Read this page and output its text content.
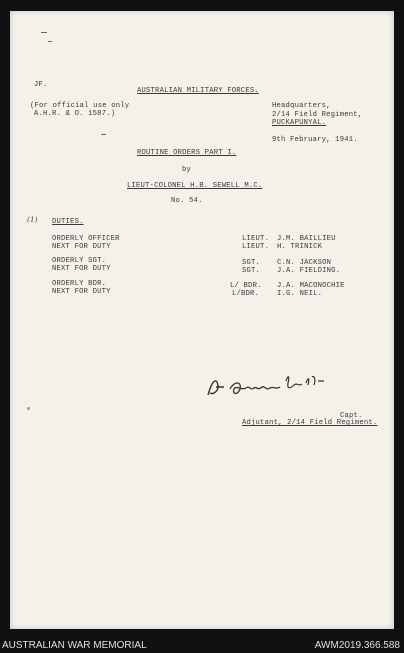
JF.
AUSTRALIAN MILITARY FORCES.
(For official use only
A.H.R. & O. 1587.)
Headquarters,
2/14 Field Regiment,
PUCKAPUNYAL.
9th February, 1941.
ROUTINE ORDERS PART I.
by
LIEUT-COLONEL H.B. SEWELL M.C.
No. 54.
(1) DUTIES.
ORDERLY OFFICER	LIEUT. J.M. BAILLIEU
NEXT FOR DUTY	LIEUT. H. TRINICK
ORDERLY SGT.	SGT. C.N. JACKSON
NEXT FOR DUTY	SGT. J.A. FIELDING.
ORDERLY BDR.	L/ BDR. J.A. MACONOCHIE
NEXT FOR DUTY	L/BDR. I.G. NEIL.
Capt.
Adjutant, 2/14 Field Regiment.
AUSTRALIAN WAR MEMORIAL	AWM2019.366.588
